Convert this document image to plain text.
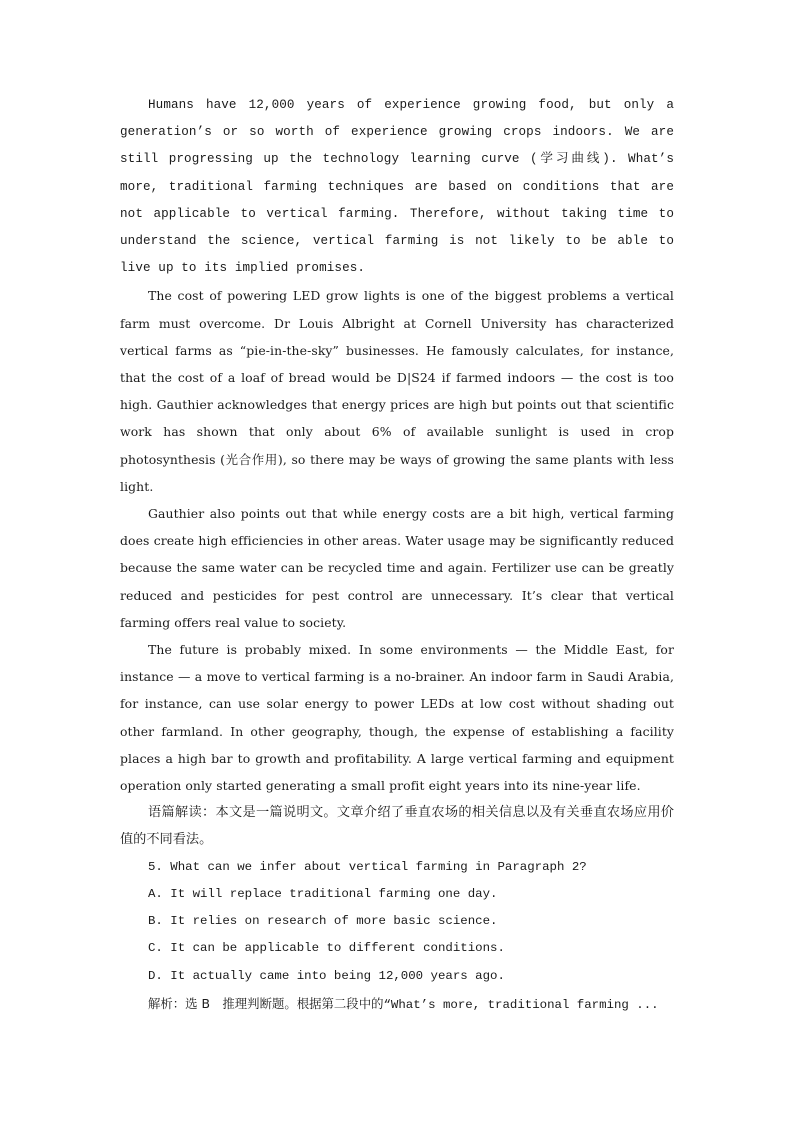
Humans have 12,000 years of experience growing food, but only a generation’s or so worth of experience growing crops indoors. We are still progressing up the technology learning curve (学习曲线). What’s more, traditional farming techniques are based on conditions that are not applicable to vertical farming. Therefore, without taking time to understand the science, vertical farming is not likely to be able to live up to its implied promises.

The cost of powering LED grow lights is one of the biggest problems a vertical farm must overcome. Dr Louis Albright at Cornell University has characterized vertical farms as “pie-in-the-sky” businesses. He famously calculates, for instance, that the cost of a loaf of bread would be D|S24 if farmed indoors — the cost is too high. Gauthier acknowledges that energy prices are high but points out that scientific work has shown that only about 6% of available sunlight is used in crop photosynthesis (光合作用), so there may be ways of growing the same plants with less light.

Gauthier also points out that while energy costs are a bit high, vertical farming does create high efficiencies in other areas. Water usage may be significantly reduced because the same water can be recycled time and again. Fertilizer use can be greatly reduced and pesticides for pest control are unnecessary. It’s clear that vertical farming offers real value to society.

The future is probably mixed. In some environments — the Middle East, for instance — a move to vertical farming is a no-brainer. An indoor farm in Saudi Arabia, for instance, can use solar energy to power LEDs at low cost without shading out other farmland. In other geography, though, the expense of establishing a facility places a high bar to growth and profitability. A large vertical farming and equipment operation only started generating a small profit eight years into its nine-year life.

语篇解读：本文是一篇说明文。文章介绍了垂直农场的相关信息以及有关垂直农场应用价值的不同看法。

5. What can we infer about vertical farming in Paragraph 2?

A. It will replace traditional farming one day.

B. It relies on research of more basic science.

C. It can be applicable to different conditions.

D. It actually came into being 12,000 years ago.

解析：选 B　推理判断题。根据第二段中的“What’s more, traditional farming ...
